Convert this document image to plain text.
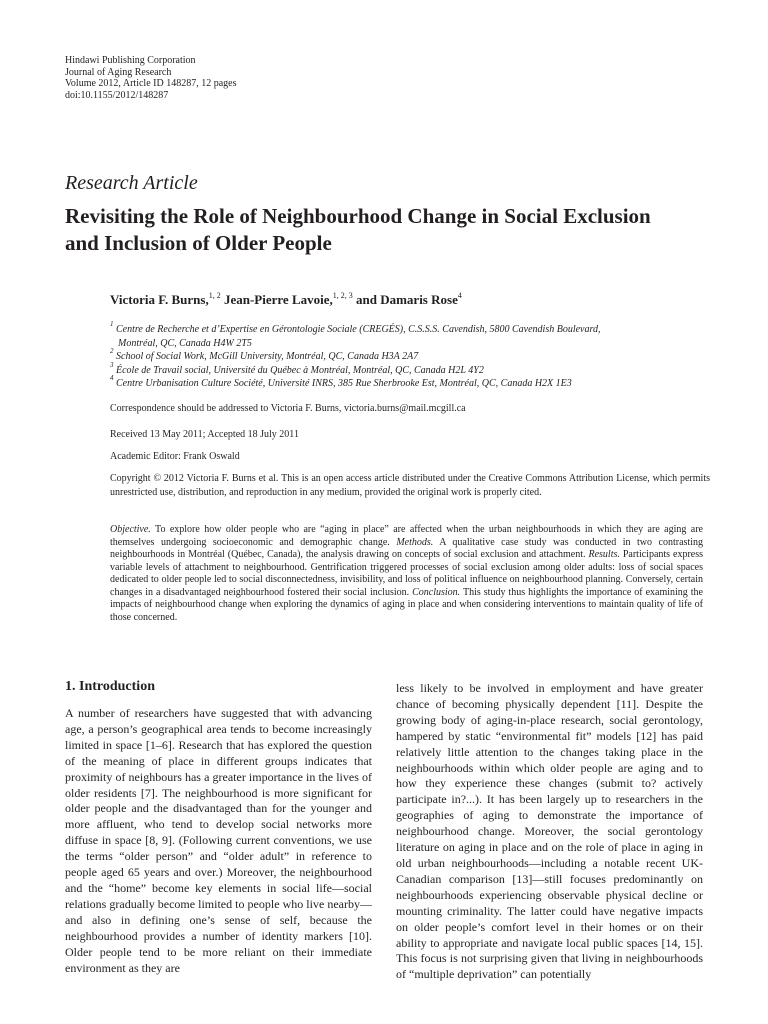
Hindawi Publishing Corporation
Journal of Aging Research
Volume 2012, Article ID 148287, 12 pages
doi:10.1155/2012/148287
Research Article
Revisiting the Role of Neighbourhood Change in Social Exclusion
and Inclusion of Older People
Victoria F. Burns,$^{1, 2}$ Jean-Pierre Lavoie,$^{1, 2, 3}$ and Damaris Rose$^4$
1 Centre de Recherche et d’Expertise en Gérontologie Sociale (CREGÉS), C.S.S.S. Cavendish, 5800 Cavendish Boulevard,
Montréal, QC, Canada H4W 2T5
2 School of Social Work, McGill University, Montréal, QC, Canada H3A 2A7
3 École de Travail social, Université du Québec à Montréal, Montréal, QC, Canada H2L 4Y2
4 Centre Urbanisation Culture Société, Université INRS, 385 Rue Sherbrooke Est, Montréal, QC, Canada H2X 1E3
Correspondence should be addressed to Victoria F. Burns, victoria.burns@mail.mcgill.ca
Received 13 May 2011; Accepted 18 July 2011
Academic Editor: Frank Oswald
Copyright © 2012 Victoria F. Burns et al. This is an open access article distributed under the Creative Commons Attribution License, which permits unrestricted use, distribution, and reproduction in any medium, provided the original work is properly cited.
Objective. To explore how older people who are “aging in place” are affected when the urban neighbourhoods in which they are aging are themselves undergoing socioeconomic and demographic change. Methods. A qualitative case study was conducted in two contrasting neighbourhoods in Montréal (Québec, Canada), the analysis drawing on concepts of social exclusion and attachment. Results. Participants express variable levels of attachment to neighbourhood. Gentrification triggered processes of social exclusion among older adults: loss of social spaces dedicated to older people led to social disconnectedness, invisibility, and loss of political influence on neighbourhood planning. Conversely, certain changes in a disadvantaged neighbourhood fostered their social inclusion. Conclusion. This study thus highlights the importance of examining the impacts of neighbourhood change when exploring the dynamics of aging in place and when considering interventions to maintain quality of life of those concerned.
1. Introduction
A number of researchers have suggested that with advancing age, a person’s geographical area tends to become increasingly limited in space [1–6]. Research that has explored the question of the meaning of place in different groups indicates that proximity of neighbours has a greater importance in the lives of older residents [7]. The neighbourhood is more significant for older people and the disadvantaged than for the younger and more affluent, who tend to develop social networks more diffuse in space [8, 9]. (Following current conventions, we use the terms “older person” and “older adult” in reference to people aged 65 years and over.) Moreover, the neighbourhood and the “home” become key elements in social life—social relations gradually become limited to people who live nearby—and also in defining one’s sense of self, because the neighbourhood provides a number of identity markers [10]. Older people tend to be more reliant on their immediate environment as they are
less likely to be involved in employment and have greater chance of becoming physically dependent [11]. Despite the growing body of aging-in-place research, social gerontology, hampered by static “environmental fit” models [12] has paid relatively little attention to the changes taking place in the neighbourhoods within which older people are aging and to how they experience these changes (submit to? actively participate in?...). It has been largely up to researchers in the geographies of aging to demonstrate the importance of neighbourhood change. Moreover, the social gerontology literature on aging in place and on the role of place in aging in old urban neighbourhoods—including a notable recent UK-Canadian comparison [13]—still focuses predominantly on neighbourhoods experiencing observable physical decline or mounting criminality. The latter could have negative impacts on older people’s comfort level in their homes or on their ability to appropriate and navigate local public spaces [14, 15]. This focus is not surprising given that living in neighbourhoods of “multiple deprivation” can potentially
